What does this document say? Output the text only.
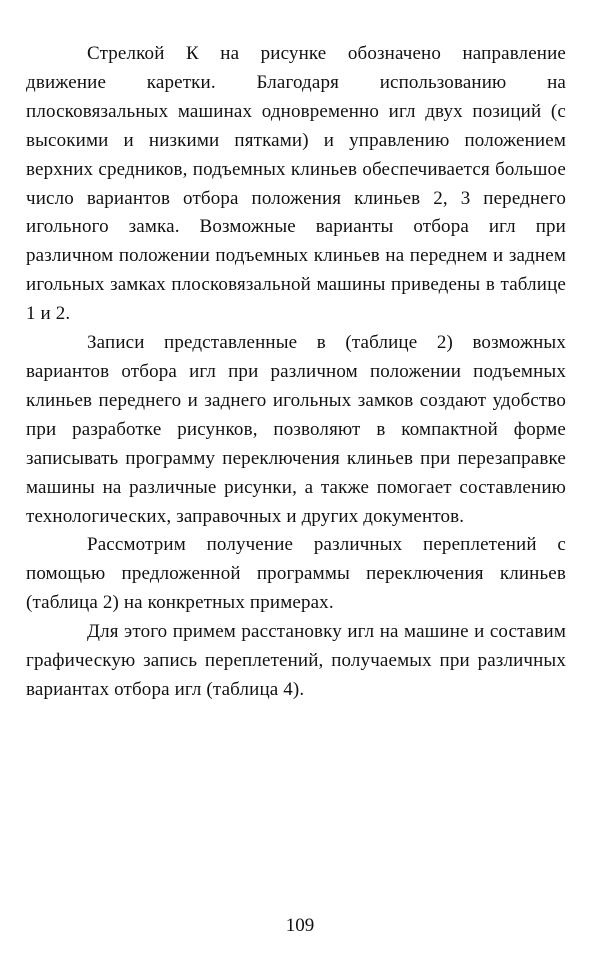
Стрелкой К на рисунке обозначено направление движение каретки. Благодаря использованию на плосковязальных машинах одновременно игл двух позиций (с высокими и низкими пятками) и управлению положением верхних средников, подъемных клиньев обеспечивается большое число вариантов отбора положения клиньев 2, 3 переднего игольного замка. Возможные варианты отбора игл при различном положении подъемных клиньев на переднем и заднем игольных замках плосковязальной машины приведены в таблице 1 и 2.

Записи представленные в (таблице 2) возможных вариантов отбора игл при различном положении подъемных клиньев переднего и заднего игольных замков создают удобство при разработке рисунков, позволяют в компактной форме записывать программу переключения клиньев при перезаправке машины на различные рисунки, а также помогает составлению технологических, заправочных и других документов.

Рассмотрим получение различных переплетений с помощью предложенной программы переключения клиньев (таблица 2) на конкретных примерах.

Для этого примем расстановку игл на машине и составим графическую запись переплетений, получаемых при различных вариантах отбора игл (таблица 4).

109
